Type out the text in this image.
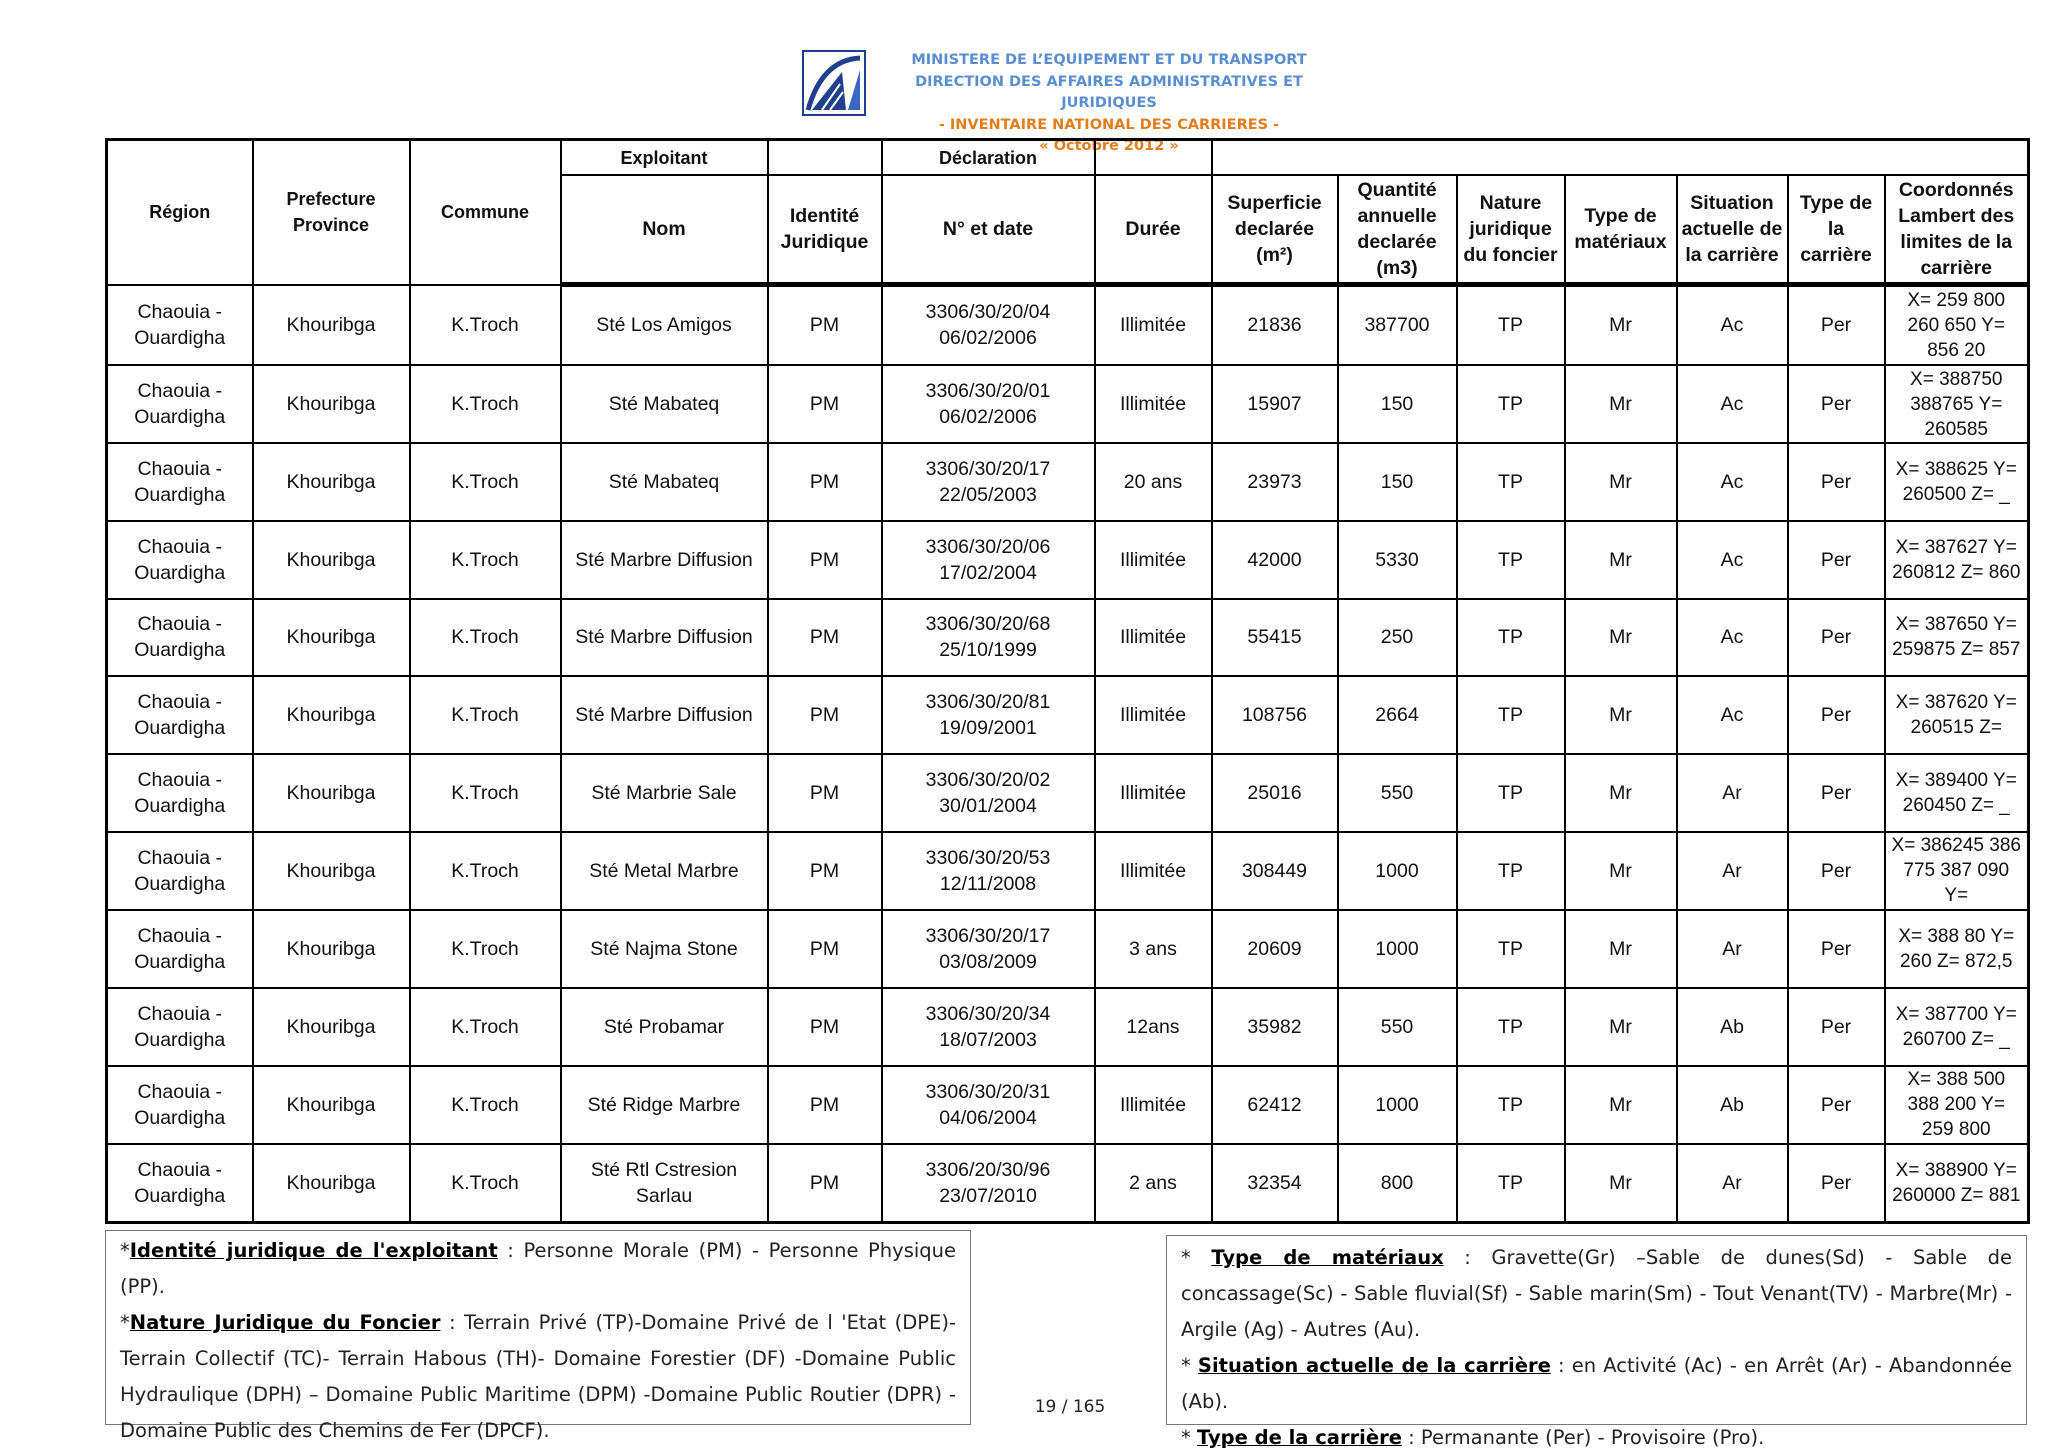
MINISTERE DE L’EQUIPEMENT ET DU TRANSPORT
DIRECTION DES AFFAIRES ADMINISTRATIVES ET JURIDIQUES
- INVENTAIRE NATIONAL DES CARRIERES -
« Octobre 2012 »
Région	Prefecture Province	Commune	Exploitant		Déclaration								
			Nom	Identité Juridique	N° et date	Durée	Superficie declarée (m²)	Quantité annuelle declarée (m3)	Nature juridique du foncier	Type de matériaux	Situation actuelle de la carrière	Type de la carrière	Coordonnés Lambert des limites de la carrière
Chaouia - Ouardigha	Khouribga	K.Troch	Sté Los Amigos	PM	3306/30/20/04 06/02/2006	Illimitée	21836	387700	TP	Mr	Ac	Per	X= 259 800 260 650 Y= 856 20
Chaouia - Ouardigha	Khouribga	K.Troch	Sté Mabateq	PM	3306/30/20/01 06/02/2006	Illimitée	15907	150	TP	Mr	Ac	Per	X= 388750 388765 Y= 260585
Chaouia - Ouardigha	Khouribga	K.Troch	Sté Mabateq	PM	3306/30/20/17 22/05/2003	20 ans	23973	150	TP	Mr	Ac	Per	X= 388625 Y= 260500 Z= _
Chaouia - Ouardigha	Khouribga	K.Troch	Sté Marbre Diffusion	PM	3306/30/20/06 17/02/2004	Illimitée	42000	5330	TP	Mr	Ac	Per	X= 387627 Y= 260812 Z= 860
Chaouia - Ouardigha	Khouribga	K.Troch	Sté Marbre Diffusion	PM	3306/30/20/68 25/10/1999	Illimitée	55415	250	TP	Mr	Ac	Per	X= 387650 Y= 259875 Z= 857
Chaouia - Ouardigha	Khouribga	K.Troch	Sté Marbre Diffusion	PM	3306/30/20/81 19/09/2001	Illimitée	108756	2664	TP	Mr	Ac	Per	X= 387620 Y= 260515 Z=
Chaouia - Ouardigha	Khouribga	K.Troch	Sté Marbrie Sale	PM	3306/30/20/02 30/01/2004	Illimitée	25016	550	TP	Mr	Ar	Per	X= 389400 Y= 260450 Z= _
Chaouia - Ouardigha	Khouribga	K.Troch	Sté Metal Marbre	PM	3306/30/20/53 12/11/2008	Illimitée	308449	1000	TP	Mr	Ar	Per	X= 386245 386 775 387 090 Y=
Chaouia - Ouardigha	Khouribga	K.Troch	Sté Najma Stone	PM	3306/30/20/17 03/08/2009	3 ans	20609	1000	TP	Mr	Ar	Per	X= 388 80 Y= 260 Z= 872,5
Chaouia - Ouardigha	Khouribga	K.Troch	Sté Probamar	PM	3306/30/20/34 18/07/2003	12ans	35982	550	TP	Mr	Ab	Per	X= 387700 Y= 260700 Z= _
Chaouia - Ouardigha	Khouribga	K.Troch	Sté Ridge Marbre	PM	3306/30/20/31 04/06/2004	Illimitée	62412	1000	TP	Mr	Ab	Per	X= 388 500 388 200 Y= 259 800
Chaouia - Ouardigha	Khouribga	K.Troch	Sté Rtl Cstresion Sarlau	PM	3306/20/30/96 23/07/2010	2 ans	32354	800	TP	Mr	Ar	Per	X= 388900 Y= 260000 Z= 881
*Identité juridique de l'exploitant : Personne Morale (PM) - Personne Physique (PP).
*Nature Juridique du Foncier : Terrain Privé (TP)-Domaine Privé de l 'Etat (DPE)- Terrain Collectif (TC)- Terrain Habous (TH)- Domaine Forestier (DF) -Domaine Public Hydraulique (DPH) – Domaine Public Maritime (DPM) -Domaine Public Routier (DPR) - Domaine Public des Chemins de Fer (DPCF).
* Type de matériaux : Gravette(Gr) –Sable de dunes(Sd) - Sable de concassage(Sc) - Sable fluvial(Sf) - Sable marin(Sm) - Tout Venant(TV) - Marbre(Mr) - Argile (Ag) - Autres (Au).
* Situation actuelle de la carrière : en Activité (Ac) - en Arrêt (Ar) - Abandonnée (Ab).
* Type de la carrière : Permanante (Per) - Provisoire (Pro).
19 / 165
